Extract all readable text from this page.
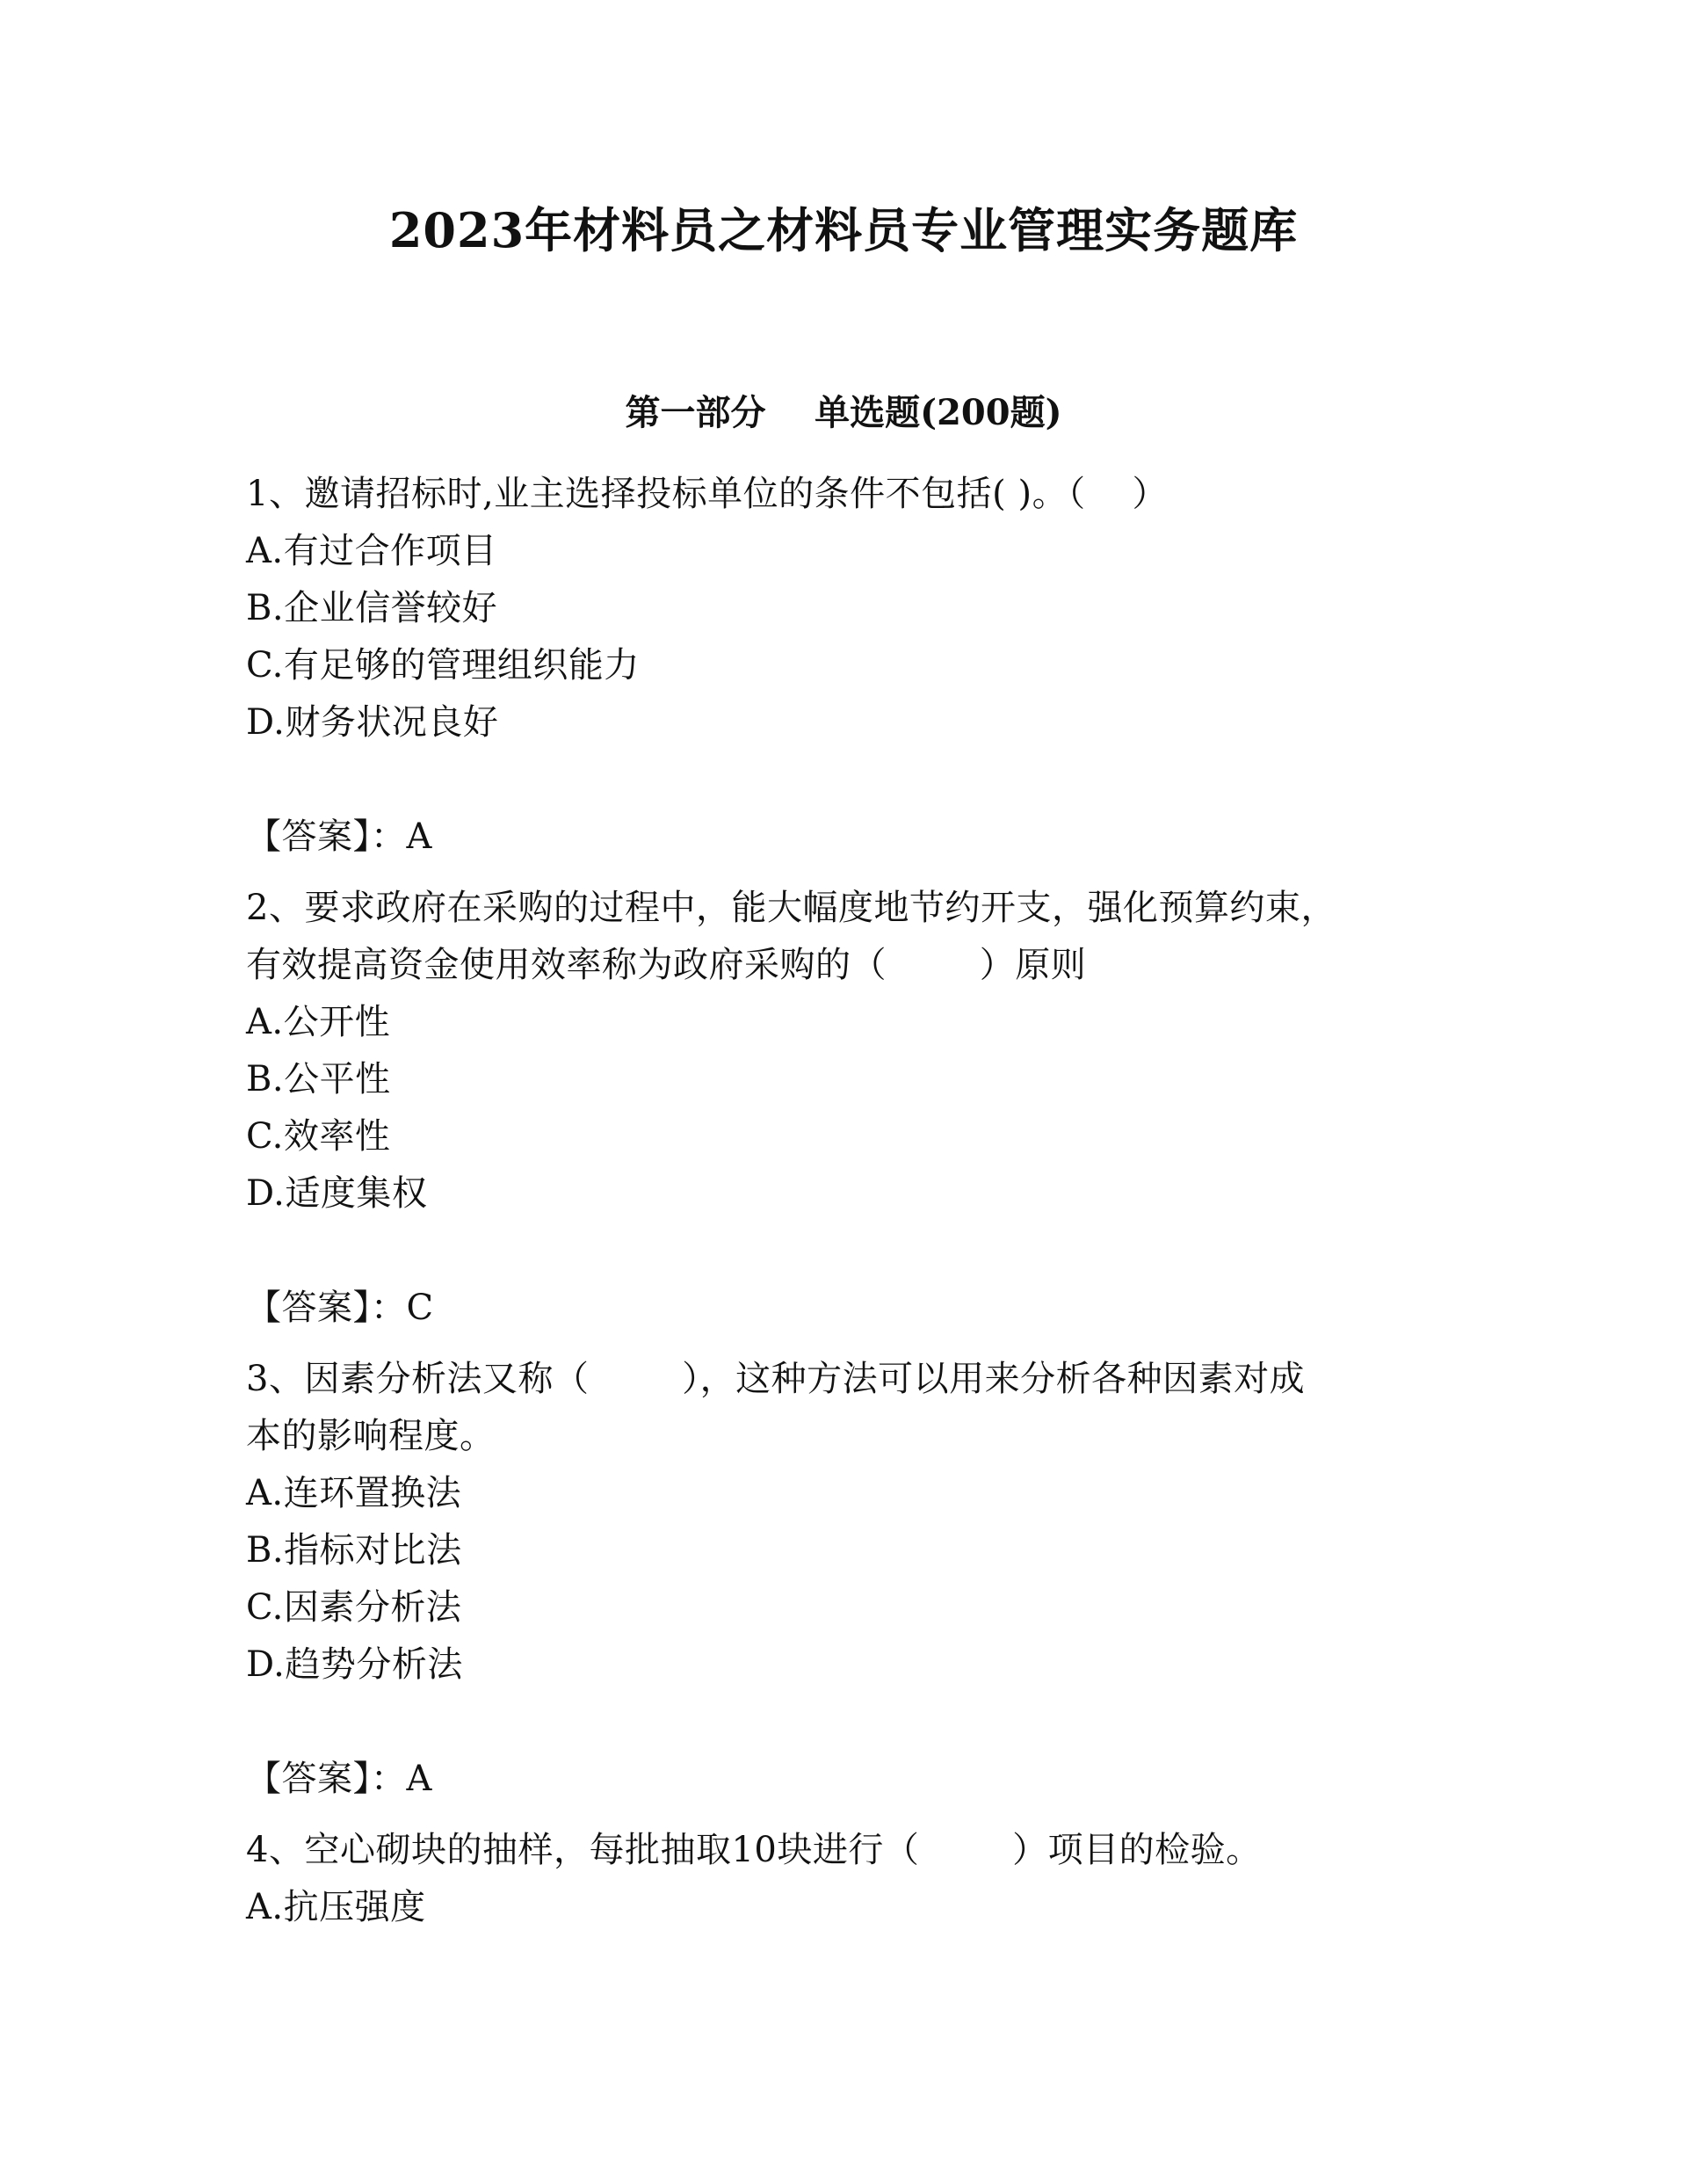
2023年材料员之材料员专业管理实务题库
第一部分    单选题(200题)
1、邀请招标时,业主选择投标单位的条件不包括( )。（    ）
A.有过合作项目
B.企业信誉较好
C.有足够的管理组织能力
D.财务状况良好
【答案】：A
2、要求政府在采购的过程中，能大幅度地节约开支，强化预算约束，
有效提高资金使用效率称为政府采购的（        ）原则
A.公开性
B.公平性
C.效率性
D.适度集权
【答案】：C
3、因素分析法又称（        ），这种方法可以用来分析各种因素对成
本的影响程度。
A.连环置换法
B.指标对比法
C.因素分析法
D.趋势分析法
【答案】：A
4、空心砌块的抽样，每批抽取10块进行（        ）项目的检验。
A.抗压强度
